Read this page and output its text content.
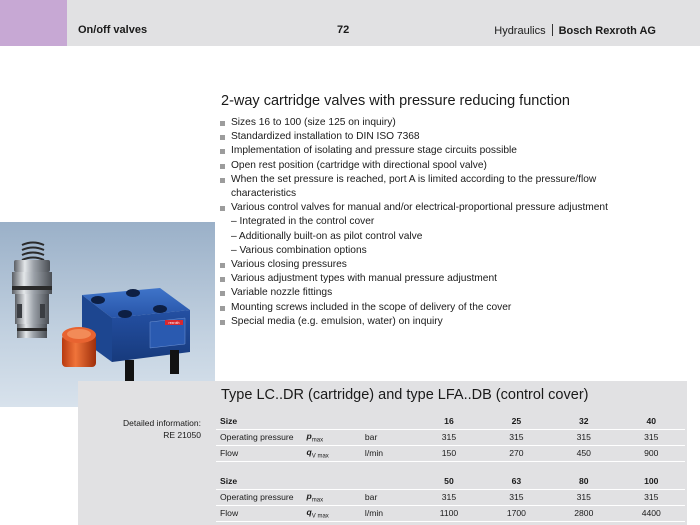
On/off valves	72	Hydraulics Bosch Rexroth AG
2-way cartridge valves with pressure reducing function
Sizes 16 to 100 (size 125 on inquiry)
Standardized installation to DIN ISO 7368
Implementation of isolating and pressure stage circuits possible
Open rest position (cartridge with directional spool valve)
When the set pressure is reached, port A is limited according to the pressure/flow
characteristics
Various control valves for manual and/or electrical-proportional pressure adjustment
– Integrated in the control cover
– Additionally built-on as pilot control valve
– Various combination options
Various closing pressures
Various adjustment types with manual pressure adjustment
Variable nozzle fittings
Mounting screws included in the scope of delivery of the cover
Special media (e.g. emulsion, water) on inquiry
rexroth
Type LC..DR (cartridge) and type LFA..DB (control cover)
Detailed information:
RE 21050
Size			16	25	32	40
Operating pressure	$p_{max}$	bar	315	315	315	315
Flow	$q_{V max}$	l/min	150	270	450	900
Size			50	63	80	100
Operating pressure	$p_{max}$	bar	315	315	315	315
Flow	$q_{V max}$	l/min	1100	1700	2800	4400
